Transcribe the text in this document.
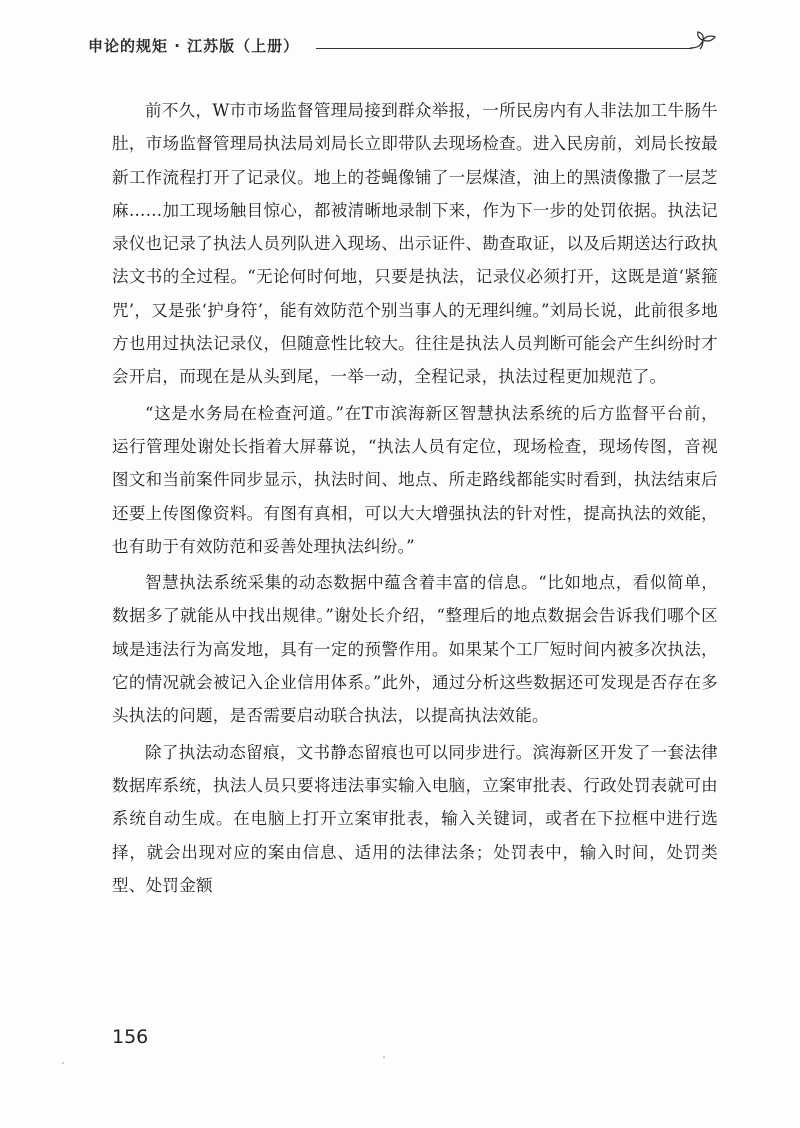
申论的规矩 · 江苏版（上册）

前不久，W市市场监督管理局接到群众举报，一所民房内有人非法加工牛肠牛肚，市场监督管理局执法局刘局长立即带队去现场检查。进入民房前，刘局长按最新工作流程打开了记录仪。地上的苍蝇像铺了一层煤渣，油上的黑渍像撒了一层芝麻……加工现场触目惊心，都被清晰地录制下来，作为下一步的处罚依据。执法记录仪也记录了执法人员列队进入现场、出示证件、勘查取证，以及后期送达行政执法文书的全过程。“无论何时何地，只要是执法，记录仪必须打开，这既是道‘紧箍咒’，又是张‘护身符’，能有效防范个别当事人的无理纠缠。”刘局长说，此前很多地方也用过执法记录仪，但随意性比较大。往往是执法人员判断可能会产生纠纷时才会开启，而现在是从头到尾，一举一动，全程记录，执法过程更加规范了。

“这是水务局在检查河道。”在T市滨海新区智慧执法系统的后方监督平台前，运行管理处谢处长指着大屏幕说，“执法人员有定位，现场检查，现场传图，音视图文和当前案件同步显示，执法时间、地点、所走路线都能实时看到，执法结束后还要上传图像资料。有图有真相，可以大大增强执法的针对性，提高执法的效能，也有助于有效防范和妥善处理执法纠纷。”

智慧执法系统采集的动态数据中蕴含着丰富的信息。“比如地点，看似简单，数据多了就能从中找出规律。”谢处长介绍，“整理后的地点数据会告诉我们哪个区域是违法行为高发地，具有一定的预警作用。如果某个工厂短时间内被多次执法，它的情况就会被记入企业信用体系。”此外，通过分析这些数据还可发现是否存在多头执法的问题，是否需要启动联合执法，以提高执法效能。

除了执法动态留痕，文书静态留痕也可以同步进行。滨海新区开发了一套法律数据库系统，执法人员只要将违法事实输入电脑，立案审批表、行政处罚表就可由系统自动生成。在电脑上打开立案审批表，输入关键词，或者在下拉框中进行选择，就会出现对应的案由信息、适用的法律法条；处罚表中，输入时间，处罚类型、处罚金额

156
